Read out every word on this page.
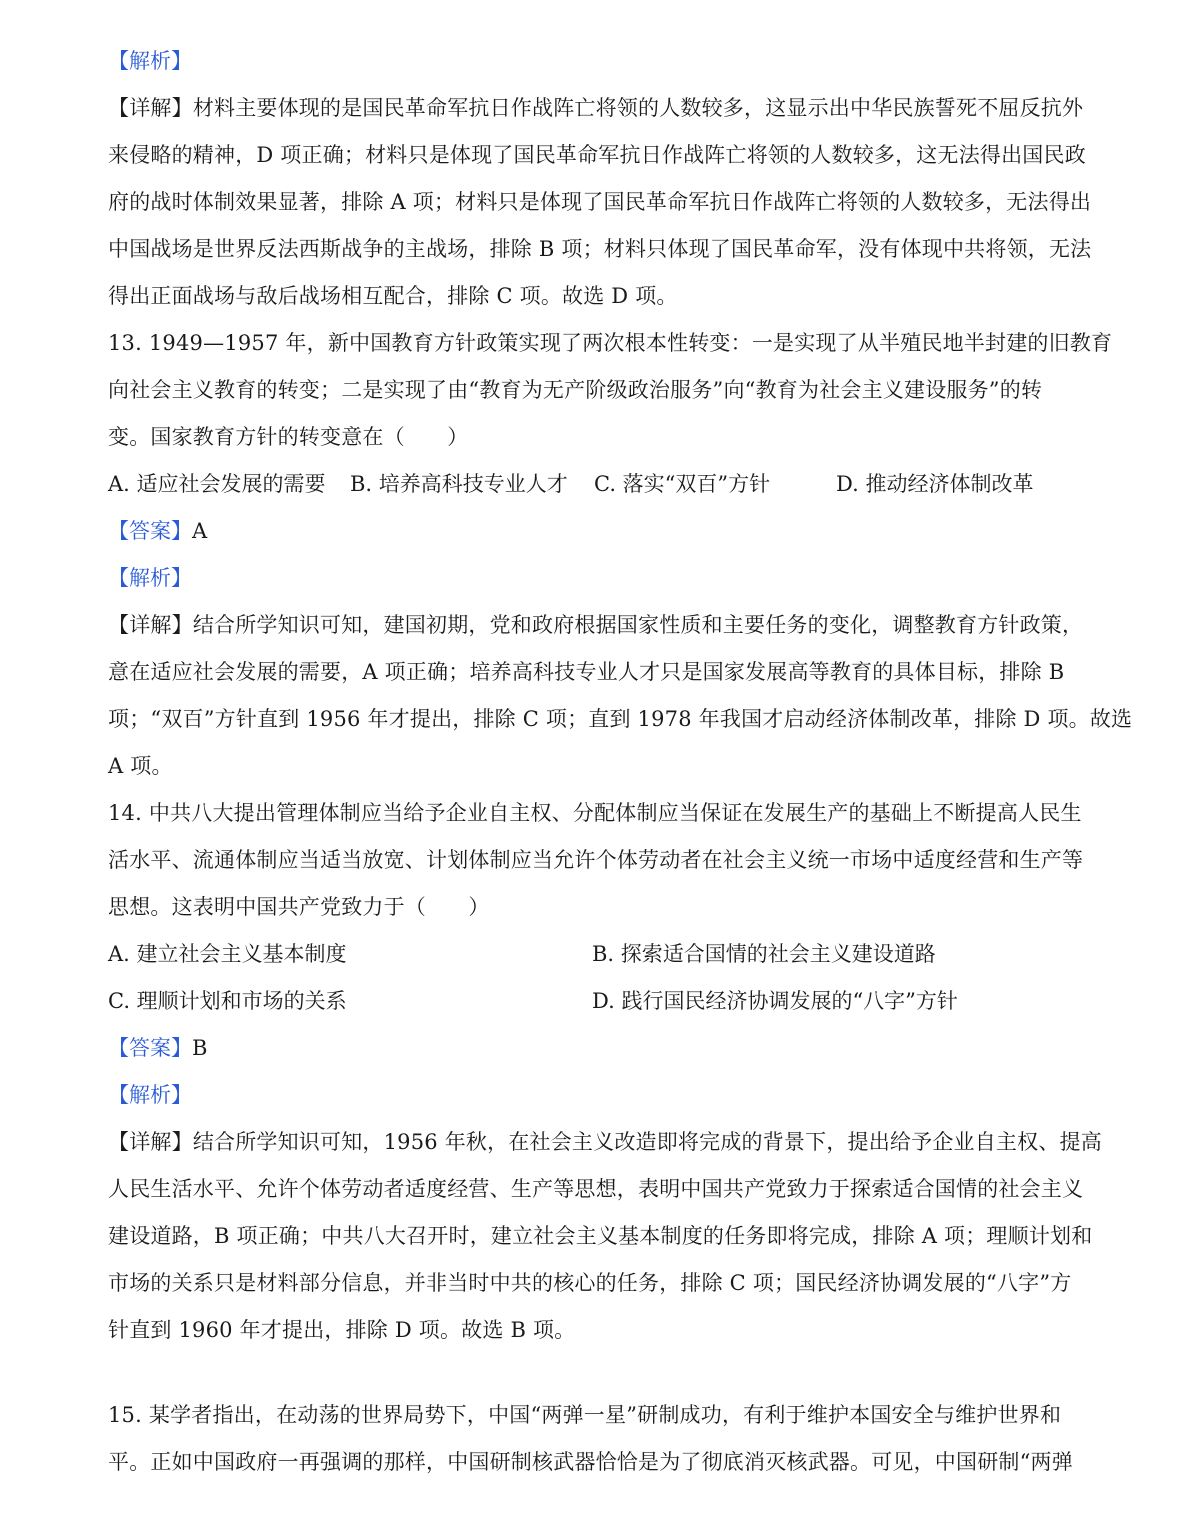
【解析】
【详解】材料主要体现的是国民革命军抗日作战阵亡将领的人数较多，这显示出中华民族誓死不屈反抗外
来侵略的精神，D 项正确；材料只是体现了国民革命军抗日作战阵亡将领的人数较多，这无法得出国民政
府的战时体制效果显著，排除 A 项；材料只是体现了国民革命军抗日作战阵亡将领的人数较多，无法得出
中国战场是世界反法西斯战争的主战场，排除 B 项；材料只体现了国民革命军，没有体现中共将领，无法
得出正面战场与敌后战场相互配合，排除 C 项。故选 D 项。
13. 1949—1957 年，新中国教育方针政策实现了两次根本性转变：一是实现了从半殖民地半封建的旧教育
向社会主义教育的转变；二是实现了由“教育为无产阶级政治服务”向“教育为社会主义建设服务”的转
变。国家教育方针的转变意在（　　）
A. 适应社会发展的需要	B. 培养高科技专业人才	C. 落实“双百”方针	D. 推动经济体制改革
【答案】A
【解析】
【详解】结合所学知识可知，建国初期，党和政府根据国家性质和主要任务的变化，调整教育方针政策，
意在适应社会发展的需要，A 项正确；培养高科技专业人才只是国家发展高等教育的具体目标，排除 B
项；“双百”方针直到 1956 年才提出，排除 C 项；直到 1978 年我国才启动经济体制改革，排除 D 项。故选
A 项。
14. 中共八大提出管理体制应当给予企业自主权、分配体制应当保证在发展生产的基础上不断提高人民生
活水平、流通体制应当适当放宽、计划体制应当允许个体劳动者在社会主义统一市场中适度经营和生产等
思想。这表明中国共产党致力于（　　）
A. 建立社会主义基本制度	B. 探索适合国情的社会主义建设道路
C. 理顺计划和市场的关系	D. 践行国民经济协调发展的“八字”方针
【答案】B
【解析】
【详解】结合所学知识可知，1956 年秋，在社会主义改造即将完成的背景下，提出给予企业自主权、提高
人民生活水平、允许个体劳动者适度经营、生产等思想，表明中国共产党致力于探索适合国情的社会主义
建设道路，B 项正确；中共八大召开时，建立社会主义基本制度的任务即将完成，排除 A 项；理顺计划和
市场的关系只是材料部分信息，并非当时中共的核心的任务，排除 C 项；国民经济协调发展的“八字”方
针直到 1960 年才提出，排除 D 项。故选 B 项。
15. 某学者指出，在动荡的世界局势下，中国“两弹一星”研制成功，有利于维护本国安全与维护世界和
平。正如中国政府一再强调的那样，中国研制核武器恰恰是为了彻底消灭核武器。可见，中国研制“两弹
